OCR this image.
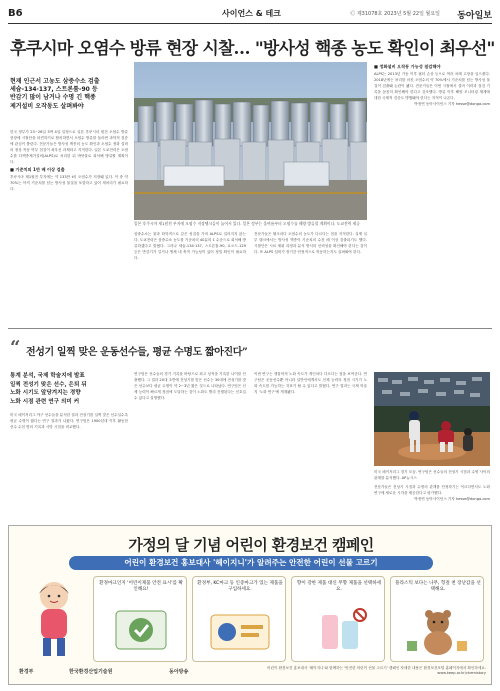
B6	사이언스 & 테크	Ⓒ 제31078호 2023년 5월 22일 월요일 동아일보
후쿠시마 오염수 방류 현장 시찰… "방사성 핵종 농도 확인이 최우선"
현재 인근서 고농도 삼중수소 검출
세슘-134·137, 스트론튬-90 등
반감기 많이 남거나 수명 긴 핵종
제거설비 오작동도 살펴봐야

한국 정부가 23~26일 3박 4일 일정으로 일본 후쿠시마 원전 오염수 방류 현장에 시찰단을 파견하기로 합의하면서 오염수 방류를 둘러싼 과학적 검증에 관심이 쏠린다. 전문가들은 방사성 핵종의 농도 확인과 오염수 정화 설비의 정상 작동 여부 점검이 최우선 과제라고 지적한다. 일본 도쿄전력은 오염수를 다핵종제거설비(ALPS)로 처리한 뒤 바닷물로 희석해 방류할 계획이다.

■ 기준치의 1만 배 이상 검출

후쿠시마 제1원전 부지에는 약 133만 t의 오염수가 저장돼 있다. 이 중 약 70%는 아직 기준치를 넘는 방사성 물질을 포함하고 있어 재처리가 필요하다.

일본 후쿠시마 제1원전 부지에 오염수 저장탱크들이 늘어서 있다. 일본 정부는 올여름부터 오염수를 해양 방류할 계획이다. 도쿄전력 제공

삼중수소는 물과 화학적으로 같은 성질을 가져 ALPS로 걸러지지 않는다. 도쿄전력은 삼중수소 농도를 기준치의 40분의 1 수준으로 희석해 방류하겠다고 밝혔다. 그러나 세슘-134·137, 스트론튬-90, 요오드-129 등은 반감기가 길거나 생체 내 축적 가능성이 있어 정밀 확인이 필요하다.

전문가들은 탱크마다 오염수의 농도가 다르다는 점을 지적한다. 실제 일부 탱크에서는 방사성 핵종이 기준치의 수천 배 이상 검출되기도 했다. 시찰단은 시료 채취 과정과 분석 방식의 신뢰성을 확인해야 한다는 것이다. 또 ALPS 설비가 장기간 안정적으로 작동하는지도 살펴봐야 한다.

■ 정화설비 오작동 가능성 점검해야

ALPS는 2013년 가동 이후 필터 손상 등으로 여러 차례 고장을 일으켰다. 2018년에는 처리를 마친 오염수의 약 70%에서 기준치를 넘는 방사성 물질이 검출돼 논란이 됐다. 전문가들은 이번 시찰에서 설비 이력과 점검 기록을 꼼꼼히 확인해야 한다고 강조했다. 방류 이후 해양 모니터링 체계에 대한 국제적 검증도 병행돼야 한다는 지적이 나온다.

박정연 동아사이언스 기자 hesse@donga.com

“ 전성기 일찍 맞은 운동선수들, 평균 수명도 짧아진다”
통계 분석, 국제 학술지에 발표
일찍 전성기 맞은 선수, 은퇴 뒤
노화 시기도 앞당겨지는 경향
노화 시점 관련 연구 의미 커

미국 메이저리그 야구 선수들을 분석한 결과 전성기를 일찍 맞은 선수일수록 평균 수명이 짧다는 연구 결과가 나왔다. 연구팀은 1900년대 이후 활동한 선수 수천 명의 기록과 사망 시점을 비교했다.

연구팀은 선수들의 경기 기록을 바탕으로 최고 성적을 기록한 나이를 산출했다. 그 결과 20대 초반에 전성기를 맞은 선수는 30대에 전성기를 맞은 선수보다 평균 수명이 약 2~3년 짧은 것으로 나타났다. 연구팀은 신체 능력이 빠르게 정점에 도달하는 것이 노화도 빨리 진행된다는 신호일 수 있다고 설명했다.

이번 연구는 생물학적 노화 속도가 개인마다 다르다는 점을 보여준다. 연구팀은 운동선수뿐 아니라 일반인에게서도 신체 능력의 정점 시기가 노화 속도를 가늠하는 지표가 될 수 있다고 밝혔다. 연구 결과는 국제 학술지 '노화 연구'에 게재됐다.

미국 메이저리그 경기 모습. 연구팀은 선수들의 전성기 시점과 수명 사이의 관계를 분석했다. AP뉴시스

전문가들은 전성기 시점과 수명의 관계를 단정하기는 이르다면서도 노화 연구에 새로운 시각을 제공한다고 평가했다.

박정연 동아사이언스 기자 hesse@donga.com

가정의 달 기념 어린이 환경보건 캠페인
어린이 환경보건 홍보대사 '헤이지니'가 알려주는 안전한 어린이 선물 고르기
환경마크인지 '어린이제품 안전 표시'를 확인해요!
환경부, KC마크 등 인증마크가 있는 제품을 구입하세요.
향이 강한 제품 대신 무향 제품을 선택하세요.
플라스틱 보다는 나무, 헝겊 천 장난감을 선택해요.
환경부	한국환경산업기술원	동아방송
어린이 환경보건 홍보대사 '헤이지니'와 함께하는 '안전한 어린이 선물 고르기' 캠페인 자세한 내용은 환경보건포털 홈페이지에서 확인하세요. www.keep.or.kr/chemistory
